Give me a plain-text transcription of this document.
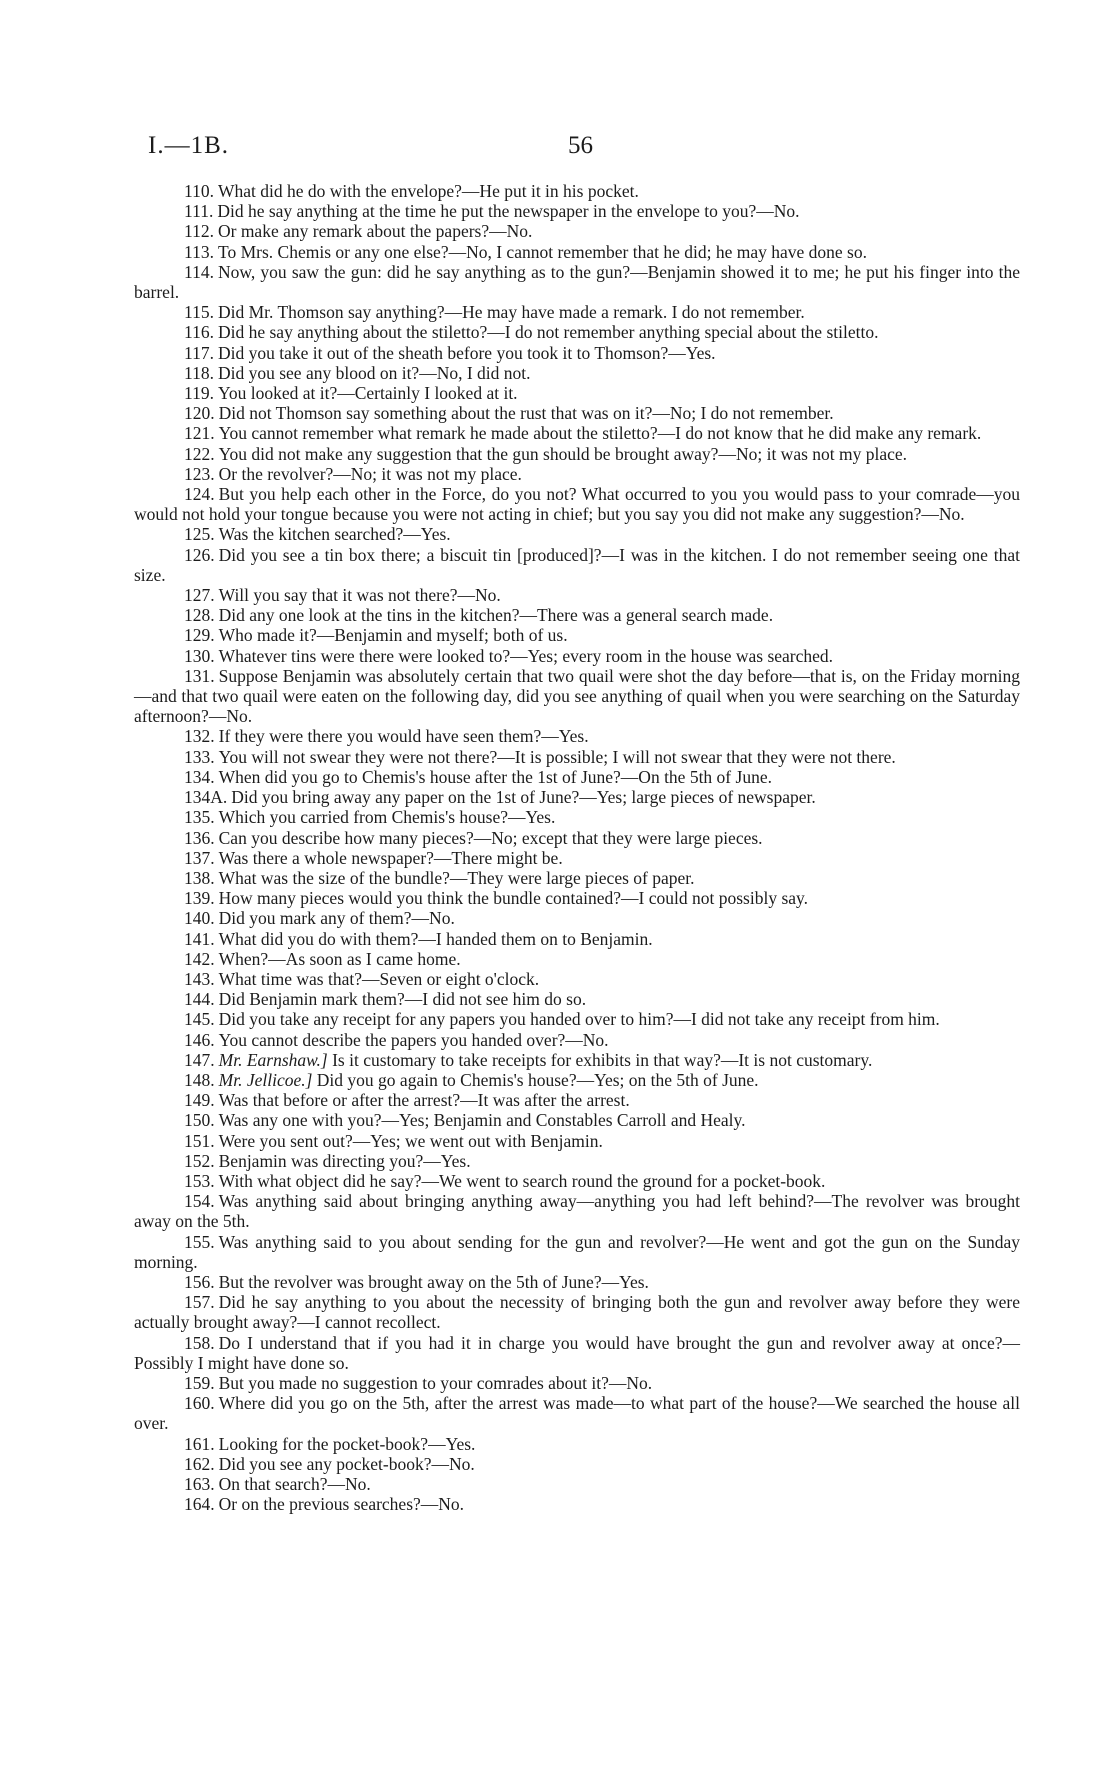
I.—1B.	56

110. What did he do with the envelope?—He put it in his pocket.

111. Did he say anything at the time he put the newspaper in the envelope to you?—No.

112. Or make any remark about the papers?—No.

113. To Mrs. Chemis or any one else?—No, I cannot remember that he did; he may have done so.

114. Now, you saw the gun: did he say anything as to the gun?—Benjamin showed it to me; he put his finger into the barrel.

115. Did Mr. Thomson say anything?—He may have made a remark. I do not remember.

116. Did he say anything about the stiletto?—I do not remember anything special about the stiletto.

117. Did you take it out of the sheath before you took it to Thomson?—Yes.

118. Did you see any blood on it?—No, I did not.

119. You looked at it?—Certainly I looked at it.

120. Did not Thomson say something about the rust that was on it?—No; I do not remember.

121. You cannot remember what remark he made about the stiletto?—I do not know that he did make any remark.

122. You did not make any suggestion that the gun should be brought away?—No; it was not my place.

123. Or the revolver?—No; it was not my place.

124. But you help each other in the Force, do you not? What occurred to you you would pass to your comrade—you would not hold your tongue because you were not acting in chief; but you say you did not make any suggestion?—No.

125. Was the kitchen searched?—Yes.

126. Did you see a tin box there; a biscuit tin [produced]?—I was in the kitchen. I do not remember seeing one that size.

127. Will you say that it was not there?—No.

128. Did any one look at the tins in the kitchen?—There was a general search made.

129. Who made it?—Benjamin and myself; both of us.

130. Whatever tins were there were looked to?—Yes; every room in the house was searched.

131. Suppose Benjamin was absolutely certain that two quail were shot the day before—that is, on the Friday morning—and that two quail were eaten on the following day, did you see anything of quail when you were searching on the Saturday afternoon?—No.

132. If they were there you would have seen them?—Yes.

133. You will not swear they were not there?—It is possible; I will not swear that they were not there.

134. When did you go to Chemis's house after the 1st of June?—On the 5th of June.

134A. Did you bring away any paper on the 1st of June?—Yes; large pieces of newspaper.

135. Which you carried from Chemis's house?—Yes.

136. Can you describe how many pieces?—No; except that they were large pieces.

137. Was there a whole newspaper?—There might be.

138. What was the size of the bundle?—They were large pieces of paper.

139. How many pieces would you think the bundle contained?—I could not possibly say.

140. Did you mark any of them?—No.

141. What did you do with them?—I handed them on to Benjamin.

142. When?—As soon as I came home.

143. What time was that?—Seven or eight o'clock.

144. Did Benjamin mark them?—I did not see him do so.

145. Did you take any receipt for any papers you handed over to him?—I did not take any receipt from him.

146. You cannot describe the papers you handed over?—No.

147. Mr. Earnshaw.] Is it customary to take receipts for exhibits in that way?—It is not customary.

148. Mr. Jellicoe.] Did you go again to Chemis's house?—Yes; on the 5th of June.

149. Was that before or after the arrest?—It was after the arrest.

150. Was any one with you?—Yes; Benjamin and Constables Carroll and Healy.

151. Were you sent out?—Yes; we went out with Benjamin.

152. Benjamin was directing you?—Yes.

153. With what object did he say?—We went to search round the ground for a pocket-book.

154. Was anything said about bringing anything away—anything you had left behind?—The revolver was brought away on the 5th.

155. Was anything said to you about sending for the gun and revolver?—He went and got the gun on the Sunday morning.

156. But the revolver was brought away on the 5th of June?—Yes.

157. Did he say anything to you about the necessity of bringing both the gun and revolver away before they were actually brought away?—I cannot recollect.

158. Do I understand that if you had it in charge you would have brought the gun and revolver away at once?—Possibly I might have done so.

159. But you made no suggestion to your comrades about it?—No.

160. Where did you go on the 5th, after the arrest was made—to what part of the house?—We searched the house all over.

161. Looking for the pocket-book?—Yes.

162. Did you see any pocket-book?—No.

163. On that search?—No.

164. Or on the previous searches?—No.
